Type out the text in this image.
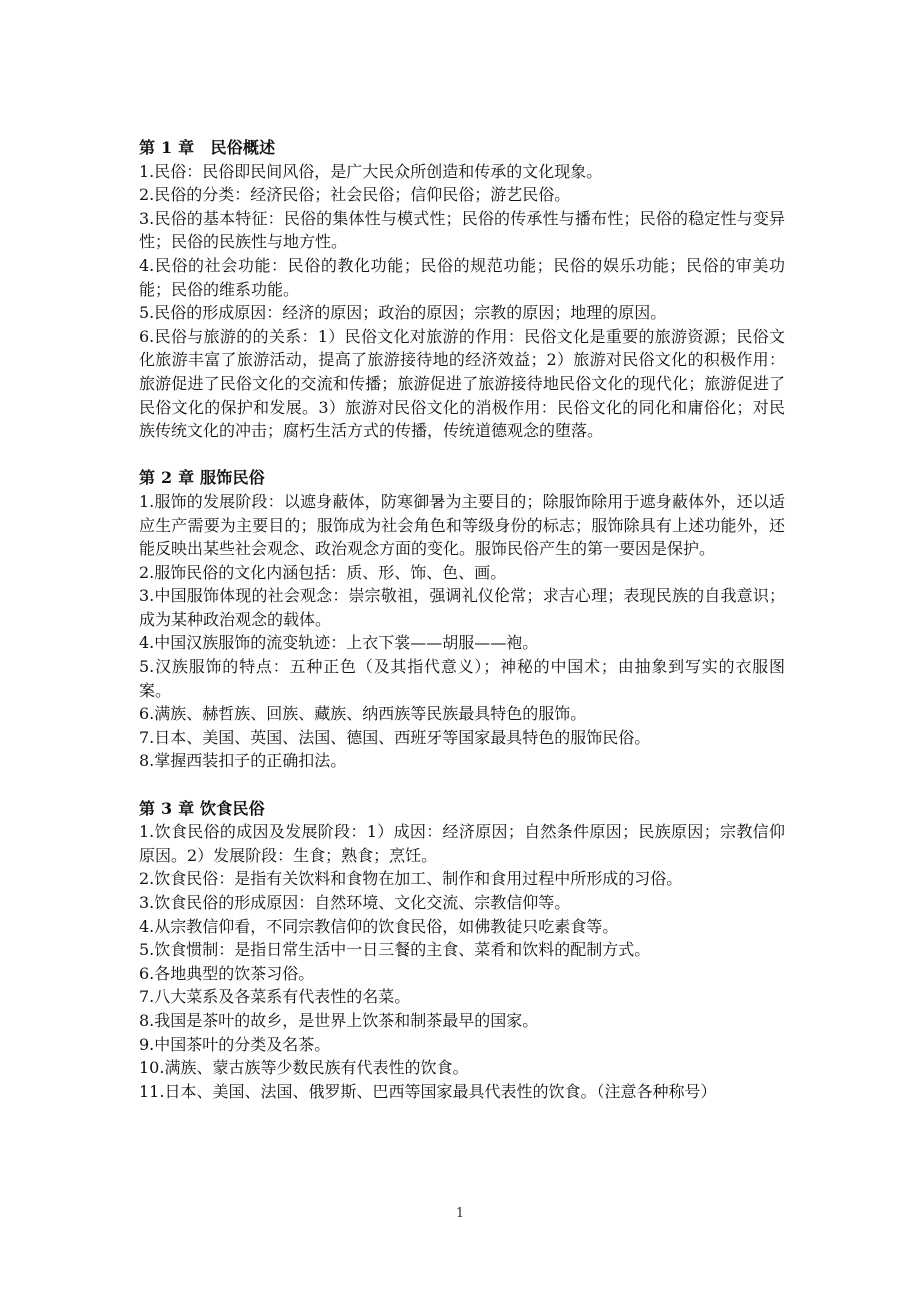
第 1 章　民俗概述
1.民俗：民俗即民间风俗，是广大民众所创造和传承的文化现象。
2.民俗的分类：经济民俗；社会民俗；信仰民俗；游艺民俗。
3.民俗的基本特征：民俗的集体性与模式性；民俗的传承性与播布性；民俗的稳定性与变异性；民俗的民族性与地方性。
4.民俗的社会功能：民俗的教化功能；民俗的规范功能；民俗的娱乐功能；民俗的审美功能；民俗的维系功能。
5.民俗的形成原因：经济的原因；政治的原因；宗教的原因；地理的原因。
6.民俗与旅游的的关系：1）民俗文化对旅游的作用：民俗文化是重要的旅游资源；民俗文化旅游丰富了旅游活动，提高了旅游接待地的经济效益；2）旅游对民俗文化的积极作用：旅游促进了民俗文化的交流和传播；旅游促进了旅游接待地民俗文化的现代化；旅游促进了民俗文化的保护和发展。3）旅游对民俗文化的消极作用：民俗文化的同化和庸俗化；对民族传统文化的冲击；腐朽生活方式的传播，传统道德观念的堕落。
第 2 章 服饰民俗
1.服饰的发展阶段：以遮身蔽体，防寒御暑为主要目的；除服饰除用于遮身蔽体外，还以适应生产需要为主要目的；服饰成为社会角色和等级身份的标志；服饰除具有上述功能外，还能反映出某些社会观念、政治观念方面的变化。服饰民俗产生的第一要因是保护。
2.服饰民俗的文化内涵包括：质、形、饰、色、画。
3.中国服饰体现的社会观念：崇宗敬祖，强调礼仪伦常；求吉心理；表现民族的自我意识；成为某种政治观念的载体。
4.中国汉族服饰的流变轨迹：上衣下裳——胡服——袍。
5.汉族服饰的特点：五种正色（及其指代意义）；神秘的中国术；由抽象到写实的衣服图案。
6.满族、赫哲族、回族、藏族、纳西族等民族最具特色的服饰。
7.日本、美国、英国、法国、德国、西班牙等国家最具特色的服饰民俗。
8.掌握西装扣子的正确扣法。
第 3 章 饮食民俗
1.饮食民俗的成因及发展阶段：1）成因：经济原因；自然条件原因；民族原因；宗教信仰原因。2）发展阶段：生食；熟食；烹饪。
2.饮食民俗：是指有关饮料和食物在加工、制作和食用过程中所形成的习俗。
3.饮食民俗的形成原因：自然环境、文化交流、宗教信仰等。
4.从宗教信仰看，不同宗教信仰的饮食民俗，如佛教徒只吃素食等。
5.饮食惯制：是指日常生活中一日三餐的主食、菜肴和饮料的配制方式。
6.各地典型的饮茶习俗。
7.八大菜系及各菜系有代表性的名菜。
8.我国是茶叶的故乡，是世界上饮茶和制茶最早的国家。
9.中国茶叶的分类及名茶。
10.满族、蒙古族等少数民族有代表性的饮食。
11.日本、美国、法国、俄罗斯、巴西等国家最具代表性的饮食。（注意各种称号）
1
